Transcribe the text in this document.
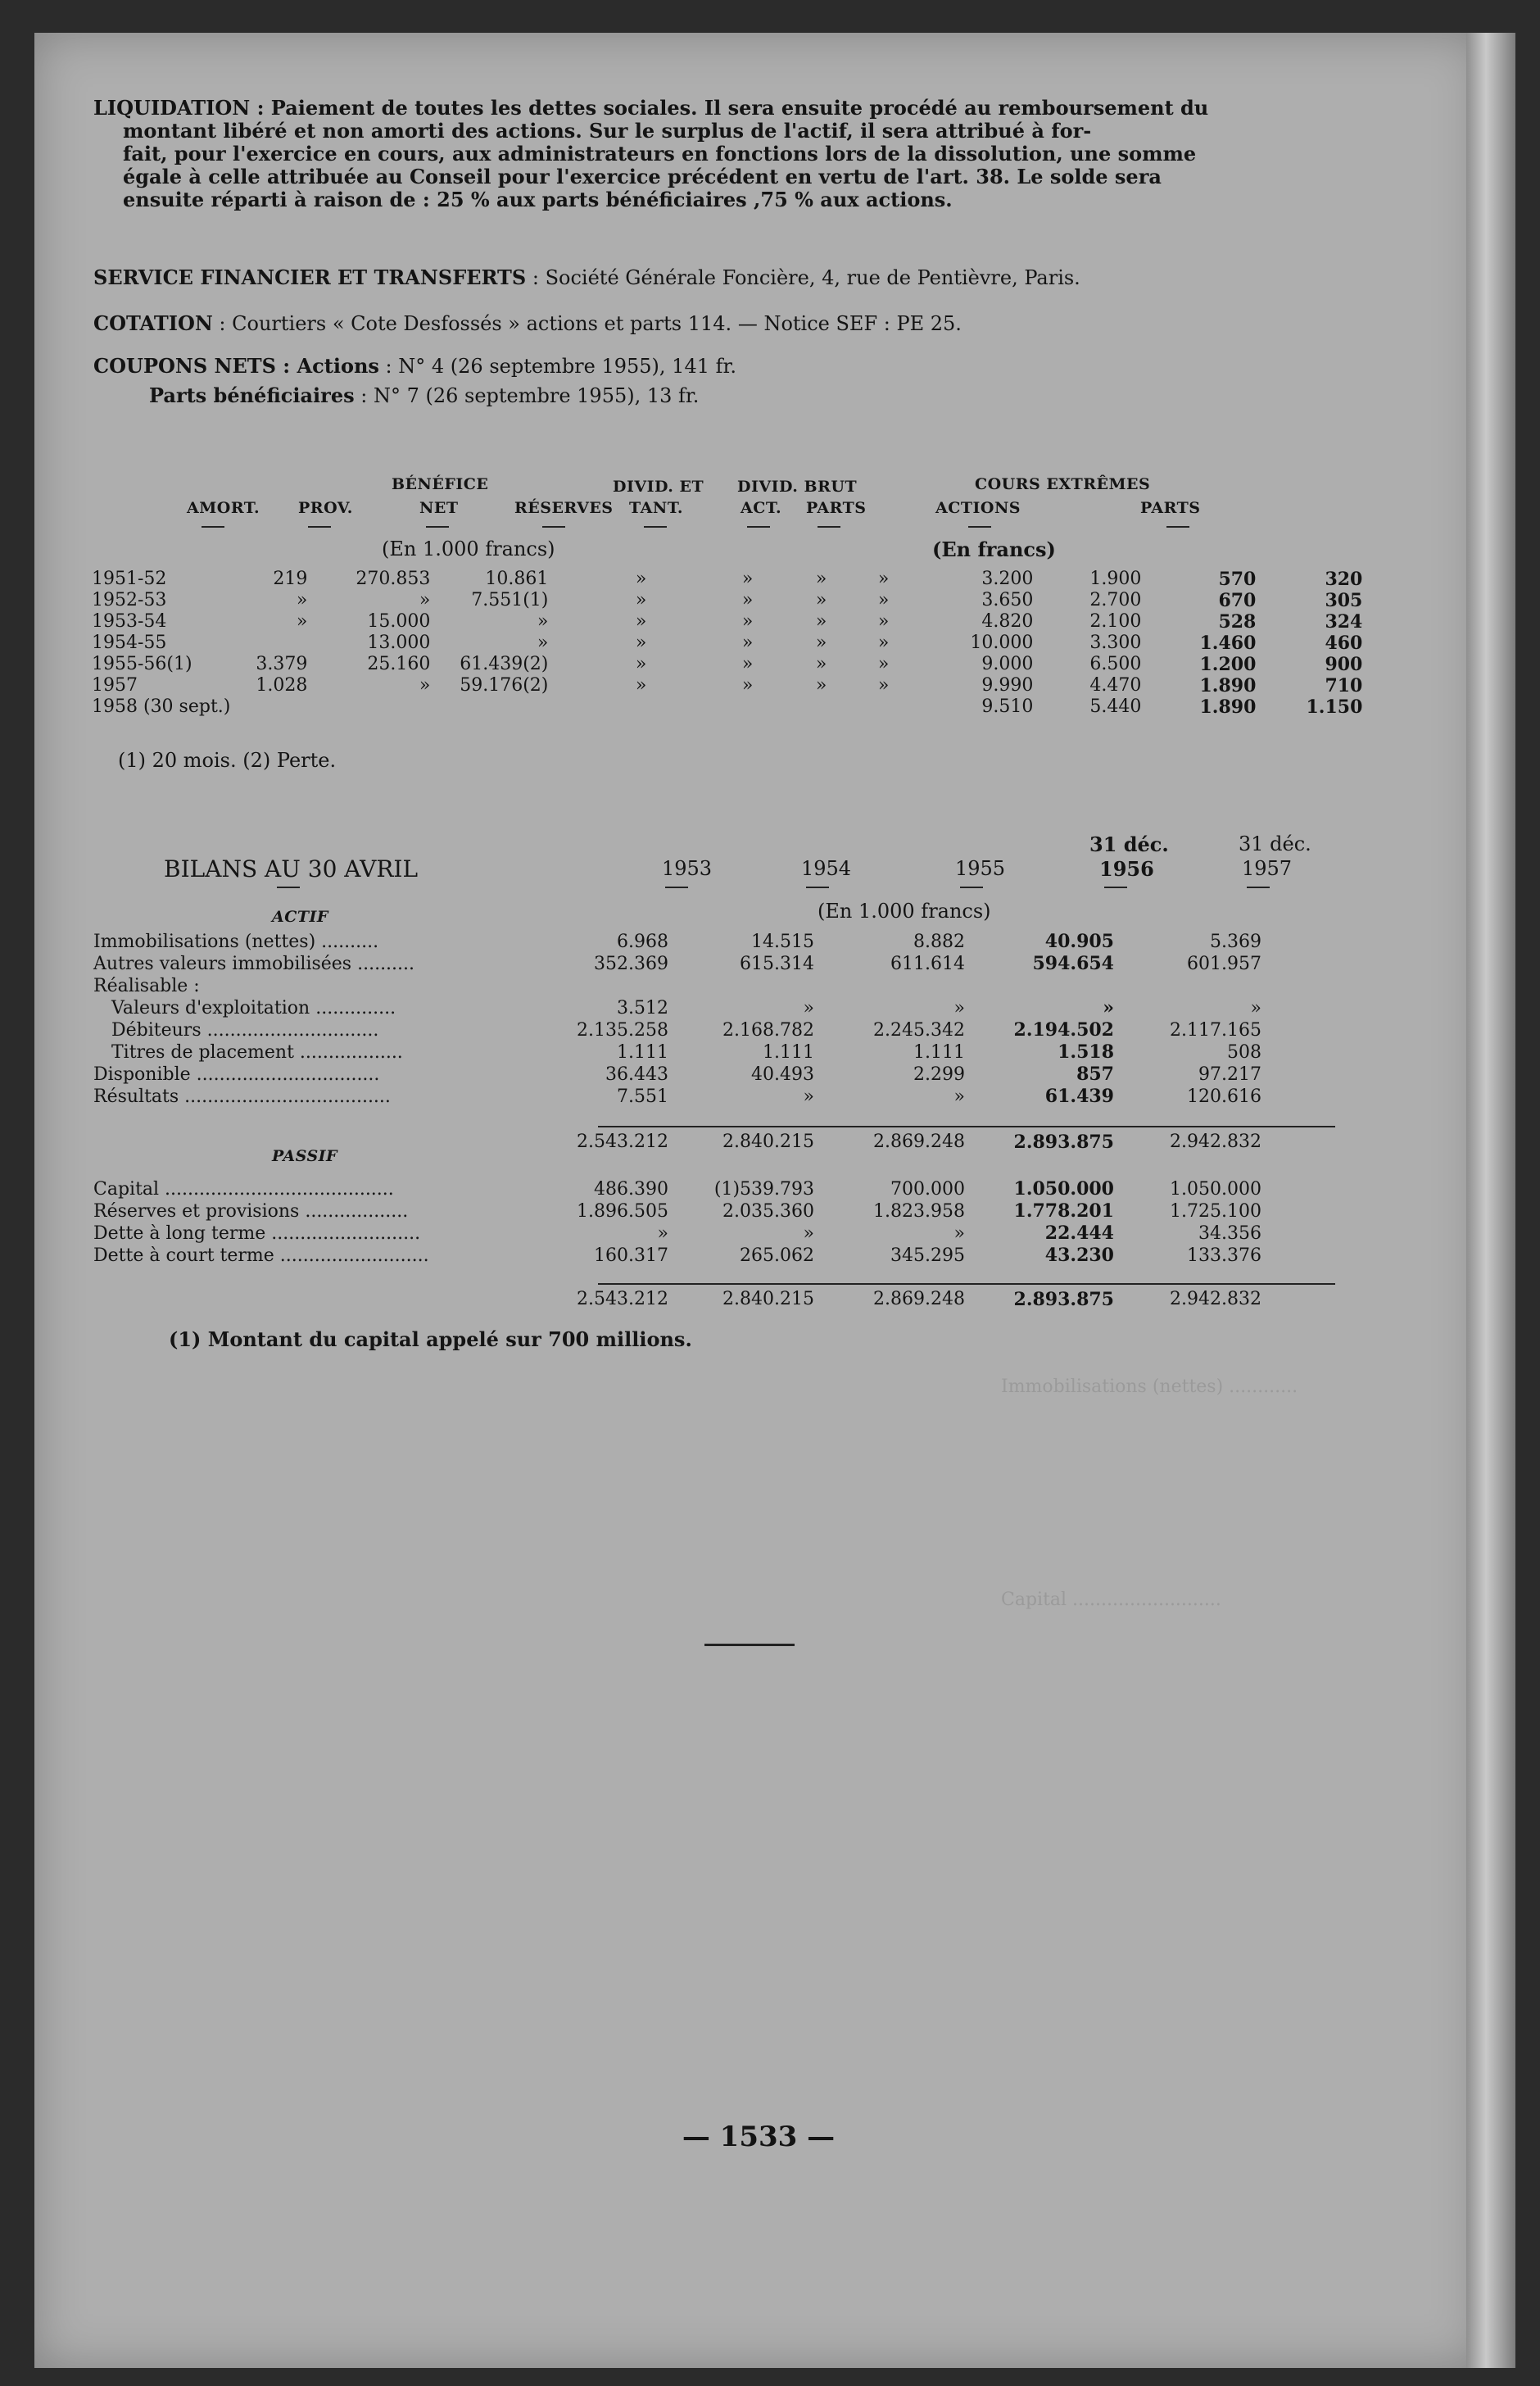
Immobilisations (nettes) ............
Capital ..........................
LIQUIDATION : Paiement de toutes les dettes sociales. Il sera ensuite procédé au remboursement du
montant libéré et non amorti des actions. Sur le surplus de l'actif, il sera attribué à for-
fait, pour l'exercice en cours, aux administrateurs en fonctions lors de la dissolution, une somme
égale à celle attribuée au Conseil pour l'exercice précédent en vertu de l'art. 38. Le solde sera
ensuite réparti à raison de : 25 % aux parts bénéficiaires ,75 % aux actions.
SERVICE FINANCIER ET TRANSFERTS : Société Générale Foncière, 4, rue de Pentièvre, Paris.
COTATION : Courtiers « Cote Desfossés » actions et parts 114. — Notice SEF : PE 25.
COUPONS NETS : Actions : N° 4 (26 septembre 1955), 141 fr.
Parts bénéficiaires : N° 7 (26 septembre 1955), 13 fr.
BÉNÉFICE	DIVID. ET DIVID. BRUT	COURS EXTRÊMES
AMORT. PROV.	NET	RÉSERVES TANT.	ACT. PARTS	ACTIONS	PARTS
(En 1.000 francs)	(En francs)
1951-52	219	270.853	10.861	»	»	»	»	3.200	1.900	570	320
1952-53	»	»	7.551(1)	»	»	»	»	3.650	2.700	670	305
1953-54	»	15.000	»	»	»	»	»	4.820	2.100	528	324
1954-55		13.000	»	»	»	»	»	10.000	3.300	1.460	460
1955-56(1)	3.379	25.160	61.439(2)	»	»	»	»	9.000	6.500	1.200	900
1957	1.028	»	59.176(2)	»	»	»	»	9.990	4.470	1.890	710
1958 (30 sept.)								9.510	5.440	1.890	1.150
(1) 20 mois. (2) Perte.
31 déc.	31 déc.
BILANS AU 30 AVRIL	1953	1954	1955	1956	1957
ACTIF	(En 1.000 francs)
Immobilisations (nettes) ..........	6.968	14.515	8.882	40.905	5.369
Autres valeurs immobilisées ..........	352.369	615.314	611.614	594.654	601.957
Réalisable :					
Valeurs d'exploitation ..............	3.512	»	»	»	»
Débiteurs ..............................	2.135.258	2.168.782	2.245.342	2.194.502	2.117.165
Titres de placement ..................	1.111	1.111	1.111	1.518	508
Disponible ................................	36.443	40.493	2.299	857	97.217
Résultats ....................................	7.551	»	»	61.439	120.616
	2.543.212	2.840.215	2.869.248	2.893.875	2.942.832
PASSIF
Capital ........................................	486.390	(1)539.793	700.000	1.050.000	1.050.000
Réserves et provisions ..................	1.896.505	2.035.360	1.823.958	1.778.201	1.725.100
Dette à long terme ..........................	»	»	»	22.444	34.356
Dette à court terme ..........................	160.317	265.062	345.295	43.230	133.376
	2.543.212	2.840.215	2.869.248	2.893.875	2.942.832
(1) Montant du capital appelé sur 700 millions.
— 1533 —
